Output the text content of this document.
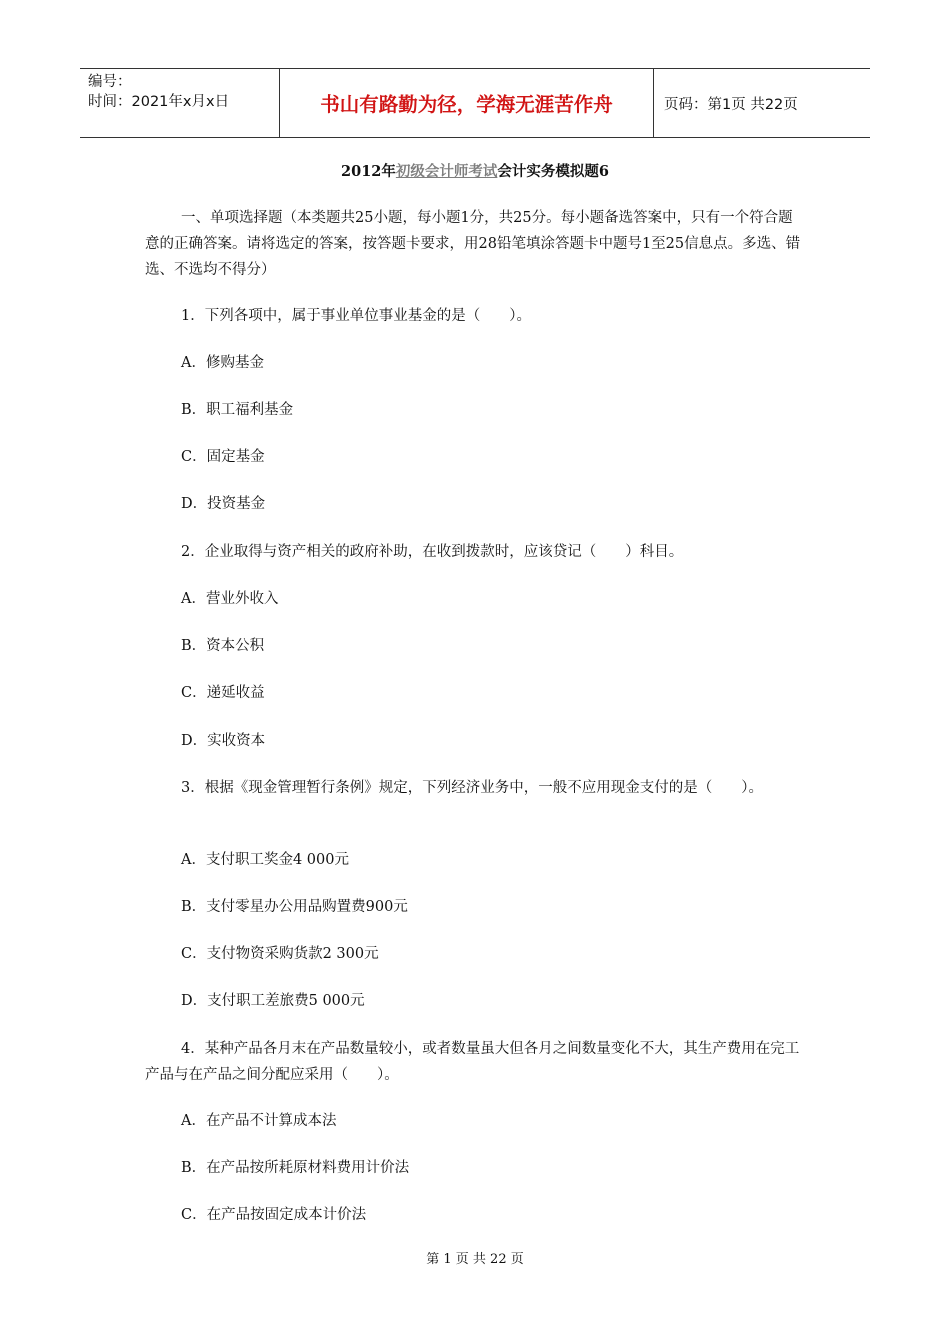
编号：
时间：2021年x月x日	书山有路勤为径，学海无涯苦作舟	页码：第1页 共22页
2012年初级会计师考试会计实务模拟题6
一、单项选择题（本类题共25小题，每小题1分，共25分。每小题备选答案中，只有一个符合题意的正确答案。请将选定的答案，按答题卡要求，用28铅笔填涂答题卡中题号1至25信息点。多选、错选、不选均不得分）
1．下列各项中，属于事业单位事业基金的是（　　）。
A．修购基金
B．职工福利基金
C．固定基金
D．投资基金
2．企业取得与资产相关的政府补助，在收到拨款时，应该贷记（　　）科目。
A．营业外收入
B．资本公积
C．递延收益
D．实收资本
3．根据《现金管理暂行条例》规定，下列经济业务中，一般不应用现金支付的是（　　）。
A．支付职工奖金4 000元
B．支付零星办公用品购置费900元
C．支付物资采购货款2 300元
D．支付职工差旅费5 000元
4．某种产品各月末在产品数量较小，或者数量虽大但各月之间数量变化不大，其生产费用在完工产品与在产品之间分配应采用（　　）。
A．在产品不计算成本法
B．在产品按所耗原材料费用计价法
C．在产品按固定成本计价法
第 1 页 共 22 页
